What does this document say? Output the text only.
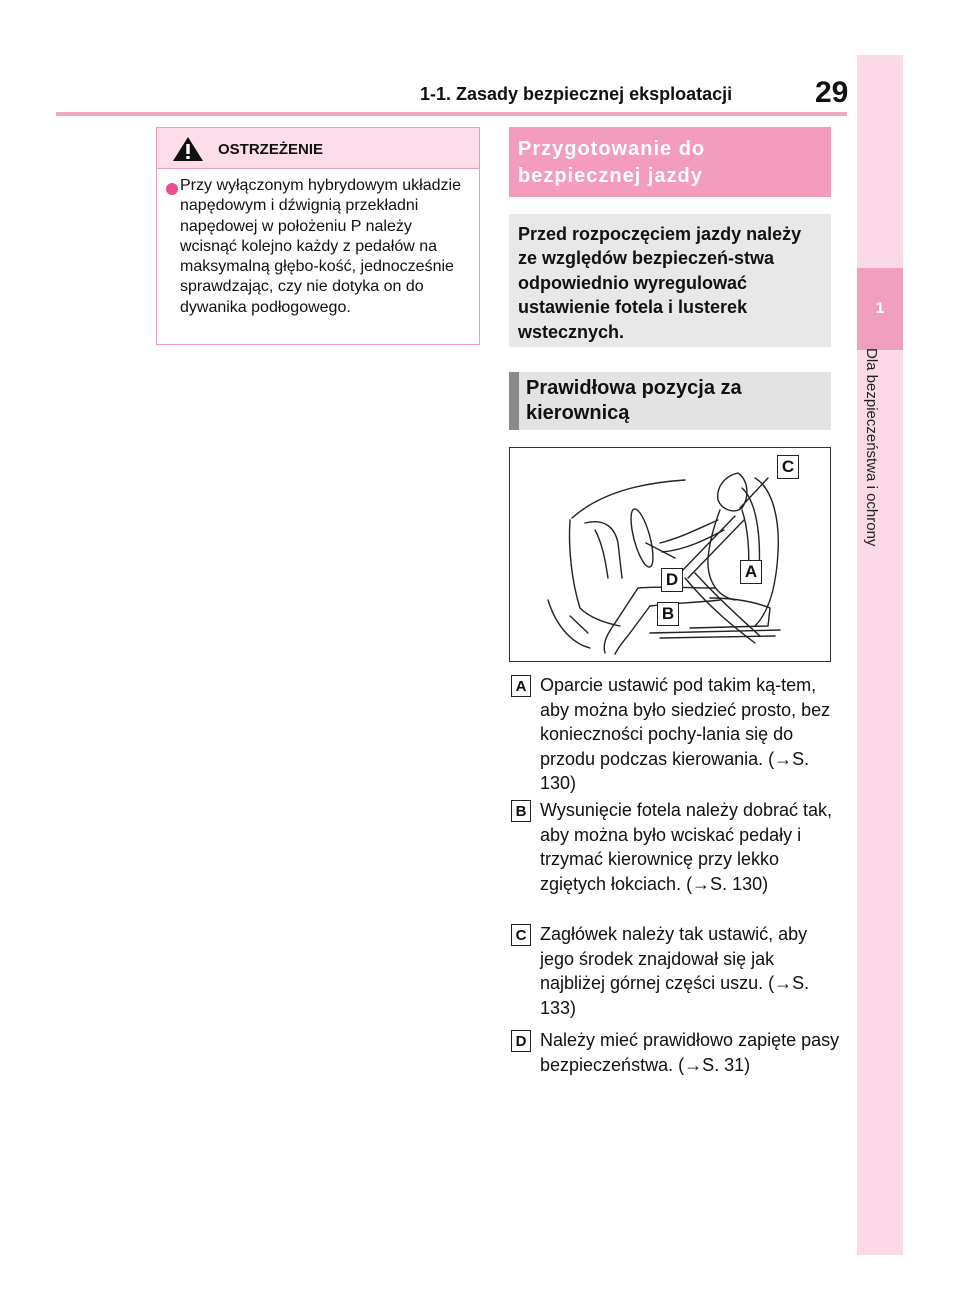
1-1. Zasady bezpiecznej eksploatacji	29
1
Dla bezpieczeństwa i ochrony
OSTRZEŻENIE
Przy wyłączonym hybrydowym układzie napędowym i dźwignią przekładni napędowej w położeniu P należy wcisnąć kolejno każdy z pedałów na maksymalną głębo-kość, jednocześnie sprawdzając, czy nie dotyka on do dywanika podłogowego.
Przygotowanie do bezpiecznej jazdy
Przed rozpoczęciem jazdy należy ze względów bezpieczeń-stwa odpowiednio wyregulować ustawienie fotela i lusterek wstecznych.
Prawidłowa pozycja za kierownicą
C
A
D
B
A Oparcie ustawić pod takim ką-tem, aby można było siedzieć prosto, bez konieczności pochy-lania się do przodu podczas kierowania. (→S. 130)
B Wysunięcie fotela należy dobrać tak, aby można było wciskać pedały i trzymać kierownicę przy lekko zgiętych łokciach. (→S. 130)
C Zagłówek należy tak ustawić, aby jego środek znajdował się jak najbliżej górnej części uszu. (→S. 133)
D Należy mieć prawidłowo zapięte pasy bezpieczeństwa. (→S. 31)
